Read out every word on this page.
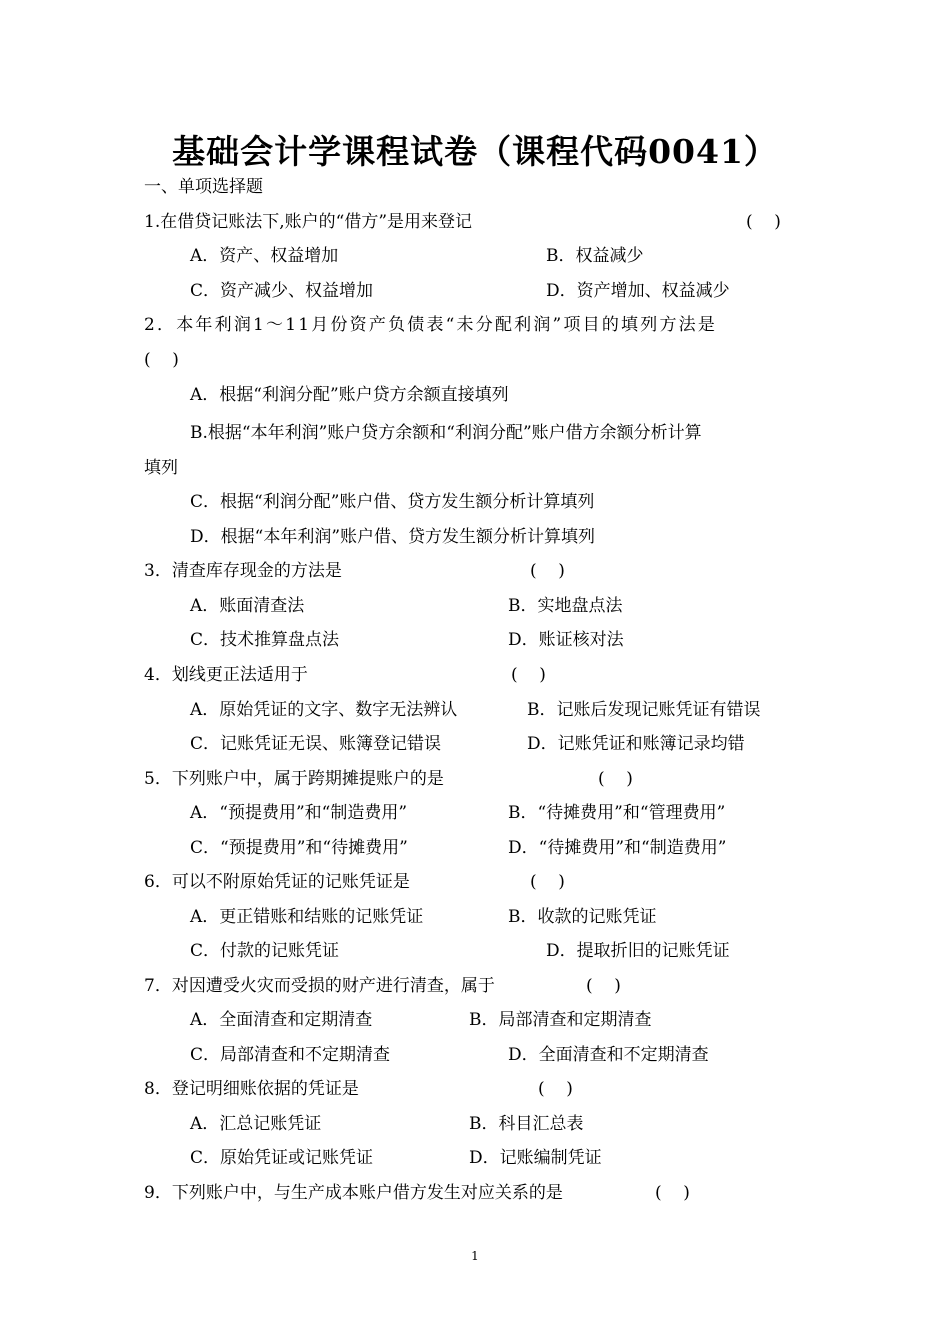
基础会计学课程试卷（课程代码0041）
一、单项选择题
1.在借贷记账法下,账户的“借方”是用来登记	(    )
A．资产、权益增加	B．权益减少
C．资产减少、权益增加	D．资产增加、权益减少
2．本年利润1～11月份资产负债表“未分配利润”项目的填列方法是
(    )
A．根据“利润分配”账户贷方余额直接填列
B.根据“本年利润”账户贷方余额和“利润分配”账户借方余额分析计算
填列
C．根据“利润分配”账户借、贷方发生额分析计算填列
D．根据“本年利润”账户借、贷方发生额分析计算填列
3．清查库存现金的方法是	(    )
A．账面清查法	B．实地盘点法
C．技术推算盘点法	D．账证核对法
4．划线更正法适用于	(    )
A．原始凭证的文字、数字无法辨认	B．记账后发现记账凭证有错误
C．记账凭证无误、账簿登记错误	D．记账凭证和账簿记录均错
5．下列账户中，属于跨期摊提账户的是	(    )
A．“预提费用”和“制造费用”	B．“待摊费用”和“管理费用”
C．“预提费用”和“待摊费用”	D．“待摊费用”和“制造费用”
6．可以不附原始凭证的记账凭证是	(    )
A．更正错账和结账的记账凭证	B．收款的记账凭证
C．付款的记账凭证	D．提取折旧的记账凭证
7．对因遭受火灾而受损的财产进行清查，属于	(    )
A．全面清查和定期清查	B．局部清查和定期清查
C．局部清查和不定期清查	D．全面清查和不定期清查
8．登记明细账依据的凭证是	(    )
A．汇总记账凭证	B．科目汇总表
C．原始凭证或记账凭证	D．记账编制凭证
9．下列账户中，与生产成本账户借方发生对应关系的是	(    )
1
